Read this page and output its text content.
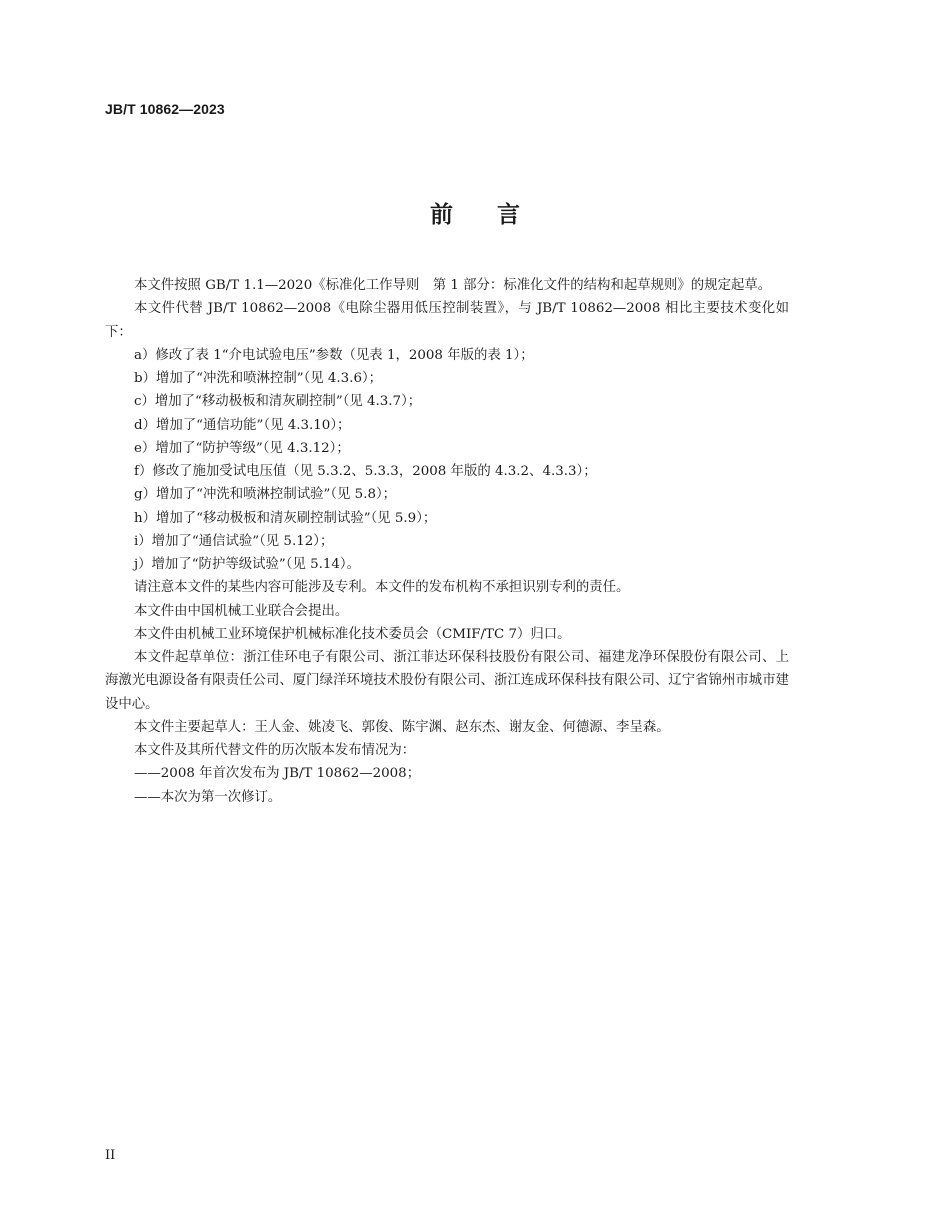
JB/T 10862—2023
前言

本文件按照 GB/T 1.1—2020《标准化工作导则　第 1 部分：标准化文件的结构和起草规则》的规定起草。

本文件代替 JB/T 10862—2008《电除尘器用低压控制装置》，与 JB/T 10862—2008 相比主要技术变化如下：

a）修改了表 1“介电试验电压”参数（见表 1，2008 年版的表 1）；

b）增加了“冲洗和喷淋控制”（见 4.3.6）；

c）增加了“移动极板和清灰刷控制”（见 4.3.7）；

d）增加了“通信功能”（见 4.3.10）；

e）增加了“防护等级”（见 4.3.12）；

f）修改了施加受试电压值（见 5.3.2、5.3.3，2008 年版的 4.3.2、4.3.3）；

g）增加了“冲洗和喷淋控制试验”（见 5.8）；

h）增加了“移动极板和清灰刷控制试验”（见 5.9）；

i）增加了“通信试验”（见 5.12）；

j）增加了“防护等级试验”（见 5.14）。

请注意本文件的某些内容可能涉及专利。本文件的发布机构不承担识别专利的责任。

本文件由中国机械工业联合会提出。

本文件由机械工业环境保护机械标准化技术委员会（CMIF/TC 7）归口。

本文件起草单位：浙江佳环电子有限公司、浙江菲达环保科技股份有限公司、福建龙净环保股份有限公司、上海激光电源设备有限责任公司、厦门绿洋环境技术股份有限公司、浙江连成环保科技有限公司、辽宁省锦州市城市建设中心。

本文件主要起草人：王人金、姚凌飞、郭俊、陈宇渊、赵东杰、谢友金、何德源、李呈森。

本文件及其所代替文件的历次版本发布情况为：

——2008 年首次发布为 JB/T 10862—2008；

——本次为第一次修订。

II
